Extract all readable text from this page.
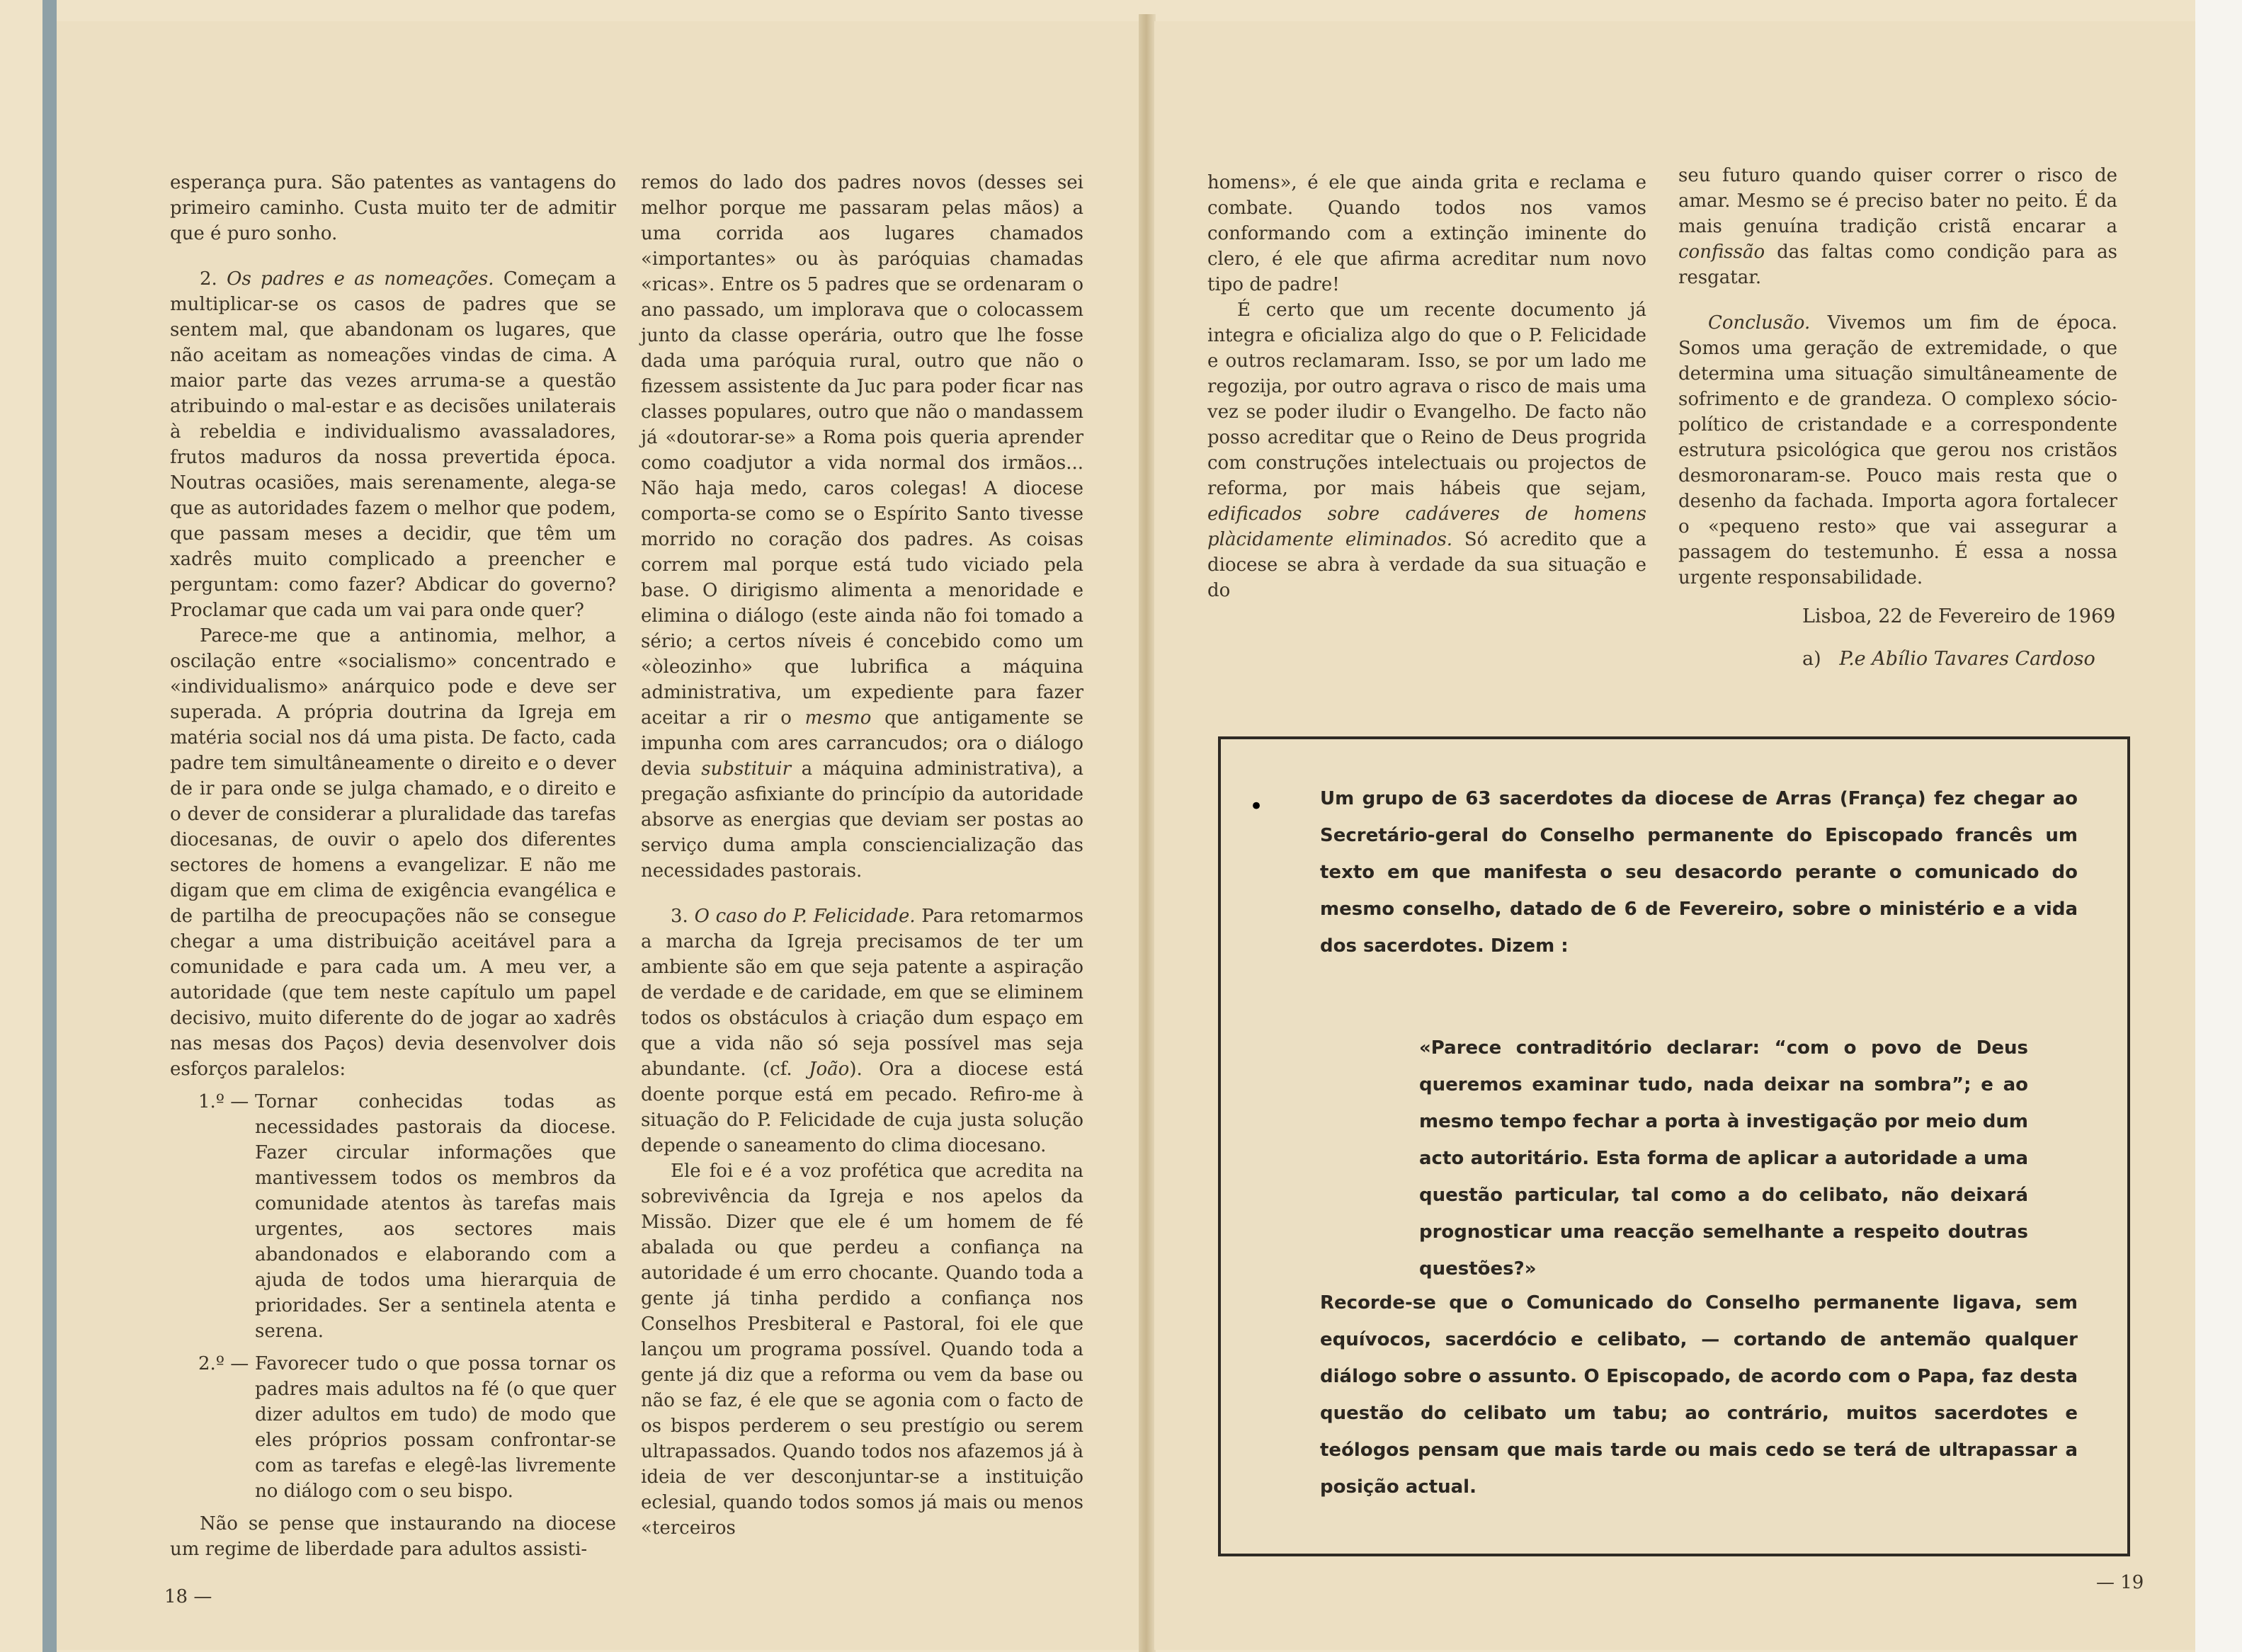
esperança pura. São patentes as vantagens do primeiro caminho. Custa muito ter de admitir que é puro sonho.

2. Os padres e as nomeações. Começam a multiplicar-se os casos de padres que se sentem mal, que abandonam os lugares, que não aceitam as nomeações vindas de cima. A maior parte das vezes arruma-se a questão atribuindo o mal-estar e as decisões unilaterais à rebeldia e individualismo avassaladores, frutos maduros da nossa prevertida época. Noutras ocasiões, mais serenamente, alega-se que as autoridades fazem o melhor que podem, que passam meses a decidir, que têm um xadrês muito complicado a preencher e perguntam: como fazer? Abdicar do governo? Proclamar que cada um vai para onde quer?

Parece-me que a antinomia, melhor, a oscilação entre «socialismo» concentrado e «individualismo» anárquico pode e deve ser superada. A própria doutrina da Igreja em matéria social nos dá uma pista. De facto, cada padre tem simultâneamente o direito e o dever de ir para onde se julga chamado, e o direito e o dever de considerar a pluralidade das tarefas diocesanas, de ouvir o apelo dos diferentes sectores de homens a evangelizar. E não me digam que em clima de exigência evangélica e de partilha de preocupações não se consegue chegar a uma distribuição aceitável para a comunidade e para cada um. A meu ver, a autoridade (que tem neste capítulo um papel decisivo, muito diferente do de jogar ao xadrês nas mesas dos Paços) devia desenvolver dois esforços paralelos:

1.º — Tornar conhecidas todas as necessidades pastorais da diocese. Fazer circular informações que mantivessem todos os membros da comunidade atentos às tarefas mais urgentes, aos sectores mais abandonados e elaborando com a ajuda de todos uma hierarquia de prioridades. Ser a sentinela atenta e serena.
2.º — Favorecer tudo o que possa tornar os padres mais adultos na fé (o que quer dizer adultos em tudo) de modo que eles próprios possam confrontar-se com as tarefas e elegê-las livremente no diálogo com o seu bispo.

Não se pense que instaurando na diocese um regime de liberdade para adultos assisti-

remos do lado dos padres novos (desses sei melhor porque me passaram pelas mãos) a uma corrida aos lugares chamados «importantes» ou às paróquias chamadas «ricas». Entre os 5 padres que se ordenaram o ano passado, um implorava que o colocassem junto da classe operária, outro que lhe fosse dada uma paróquia rural, outro que não o fizessem assistente da Juc para poder ficar nas classes populares, outro que não o mandassem já «doutorar-se» a Roma pois queria aprender como coadjutor a vida normal dos irmãos... Não haja medo, caros colegas! A diocese comporta-se como se o Espírito Santo tivesse morrido no coração dos padres. As coisas correm mal porque está tudo viciado pela base. O dirigismo alimenta a menoridade e elimina o diálogo (este ainda não foi tomado a sério; a certos níveis é concebido como um «òleozinho» que lubrifica a máquina administrativa, um expediente para fazer aceitar a rir o mesmo que antigamente se impunha com ares carrancudos; ora o diálogo devia substituir a máquina administrativa), a pregação asfixiante do princípio da autoridade absorve as energias que deviam ser postas ao serviço duma ampla consciencialização das necessidades pastorais.

3. O caso do P. Felicidade. Para retomarmos a marcha da Igreja precisamos de ter um ambiente são em que seja patente a aspiração de verdade e de caridade, em que se eliminem todos os obstáculos à criação dum espaço em que a vida não só seja possível mas seja abundante. (cf. João). Ora a diocese está doente porque está em pecado. Refiro-me à situação do P. Felicidade de cuja justa solução depende o saneamento do clima diocesano.

Ele foi e é a voz profética que acredita na sobrevivência da Igreja e nos apelos da Missão. Dizer que ele é um homem de fé abalada ou que perdeu a confiança na autoridade é um erro chocante. Quando toda a gente já tinha perdido a confiança nos Conselhos Presbiteral e Pastoral, foi ele que lançou um programa possível. Quando toda a gente já diz que a reforma ou vem da base ou não se faz, é ele que se agonia com o facto de os bispos perderem o seu prestígio ou serem ultrapassados. Quando todos nos afazemos já à ideia de ver desconjuntar-se a instituição eclesial, quando todos somos já mais ou menos «terceiros

18 —

homens», é ele que ainda grita e reclama e combate. Quando todos nos vamos conformando com a extinção iminente do clero, é ele que afirma acreditar num novo tipo de padre!

É certo que um recente documento já integra e oficializa algo do que o P. Felicidade e outros reclamaram. Isso, se por um lado me regozija, por outro agrava o risco de mais uma vez se poder iludir o Evangelho. De facto não posso acreditar que o Reino de Deus progrida com construções intelectuais ou projectos de reforma, por mais hábeis que sejam, edificados sobre cadáveres de homens plàcidamente eliminados. Só acredito que a diocese se abra à verdade da sua situação e do

seu futuro quando quiser correr o risco de amar. Mesmo se é preciso bater no peito. É da mais genuína tradição cristã encarar a confissão das faltas como condição para as resgatar.

Conclusão. Vivemos um fim de época. Somos uma geração de extremidade, o que determina uma situação simultâneamente de sofrimento e de grandeza. O complexo sócio-político de cristandade e a correspondente estrutura psicológica que gerou nos cristãos desmoronaram-se. Pouco mais resta que o desenho da fachada. Importa agora fortalecer o «pequeno resto» que vai assegurar a passagem do testemunho. É essa a nossa urgente responsabilidade.

Lisboa, 22 de Fevereiro de 1969
a) P.e Abílio Tavares Cardoso
•	Um grupo de 63 sacerdotes da diocese de Arras (França) fez chegar ao Secretário-geral do Conselho permanente do Episcopado francês um texto em que manifesta o seu desacordo perante o comunicado do mesmo conselho, datado de 6 de Fevereiro, sobre o ministério e a vida dos sacerdotes. Dizem :
«Parece contraditório declarar: “com o povo de Deus queremos examinar tudo, nada deixar na sombra”; e ao mesmo tempo fechar a porta à investigação por meio dum acto autoritário. Esta forma de aplicar a autoridade a uma questão particular, tal como a do celibato, não deixará prognosticar uma reacção semelhante a respeito doutras questões?»
Recorde-se que o Comunicado do Conselho permanente ligava, sem equívocos, sacerdócio e celibato, — cortando de antemão qualquer diálogo sobre o assunto. O Episcopado, de acordo com o Papa, faz desta questão do celibato um tabu; ao contrário, muitos sacerdotes e teólogos pensam que mais tarde ou mais cedo se terá de ultrapassar a posição actual.
— 19
